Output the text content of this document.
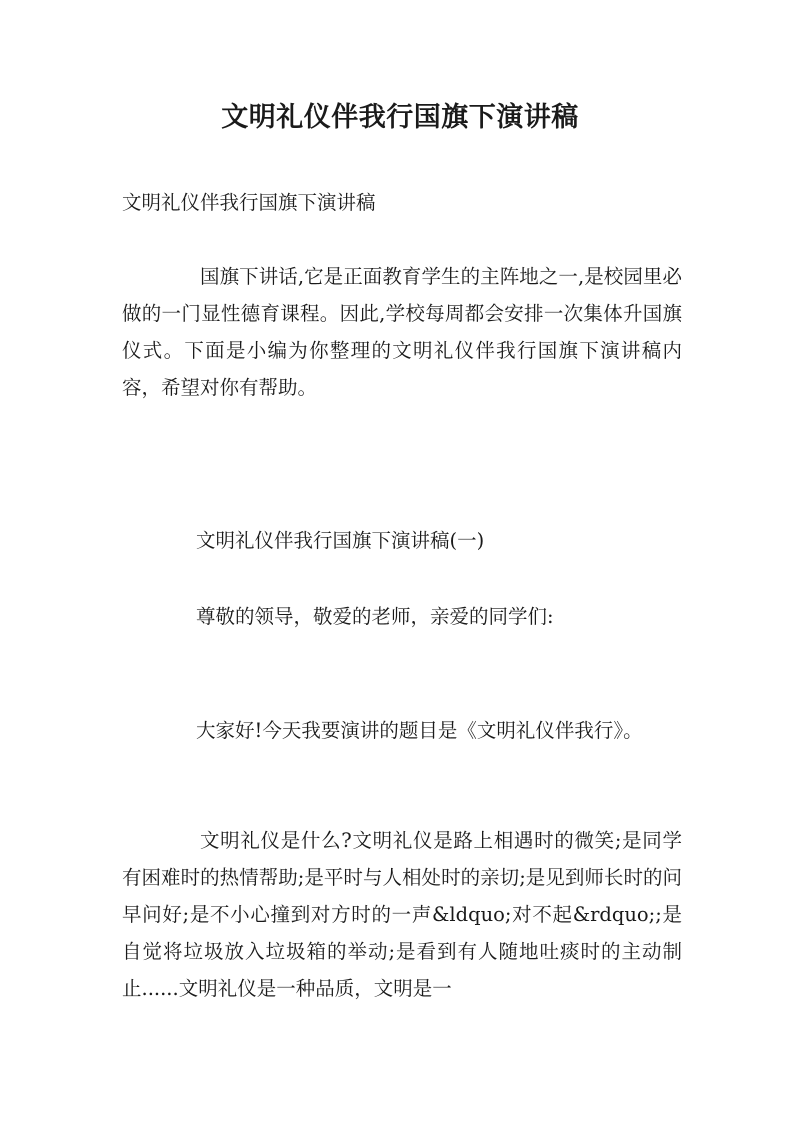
文明礼仪伴我行国旗下演讲稿
文明礼仪伴我行国旗下演讲稿
国旗下讲话,它是正面教育学生的主阵地之一,是校园里必做的一门显性德育课程。因此,学校每周都会安排一次集体升国旗仪式。下面是小编为你整理的文明礼仪伴我行国旗下演讲稿内容，希望对你有帮助。
文明礼仪伴我行国旗下演讲稿(一)
尊敬的领导，敬爱的老师，亲爱的同学们:
大家好!今天我要演讲的题目是《文明礼仪伴我行》。
文明礼仪是什么?文明礼仪是路上相遇时的微笑;是同学有困难时的热情帮助;是平时与人相处时的亲切;是见到师长时的问早问好;是不小心撞到对方时的一声&ldquo;对不起&rdquo;;是自觉将垃圾放入垃圾箱的举动;是看到有人随地吐痰时的主动制止......文明礼仪是一种品质，文明是一
